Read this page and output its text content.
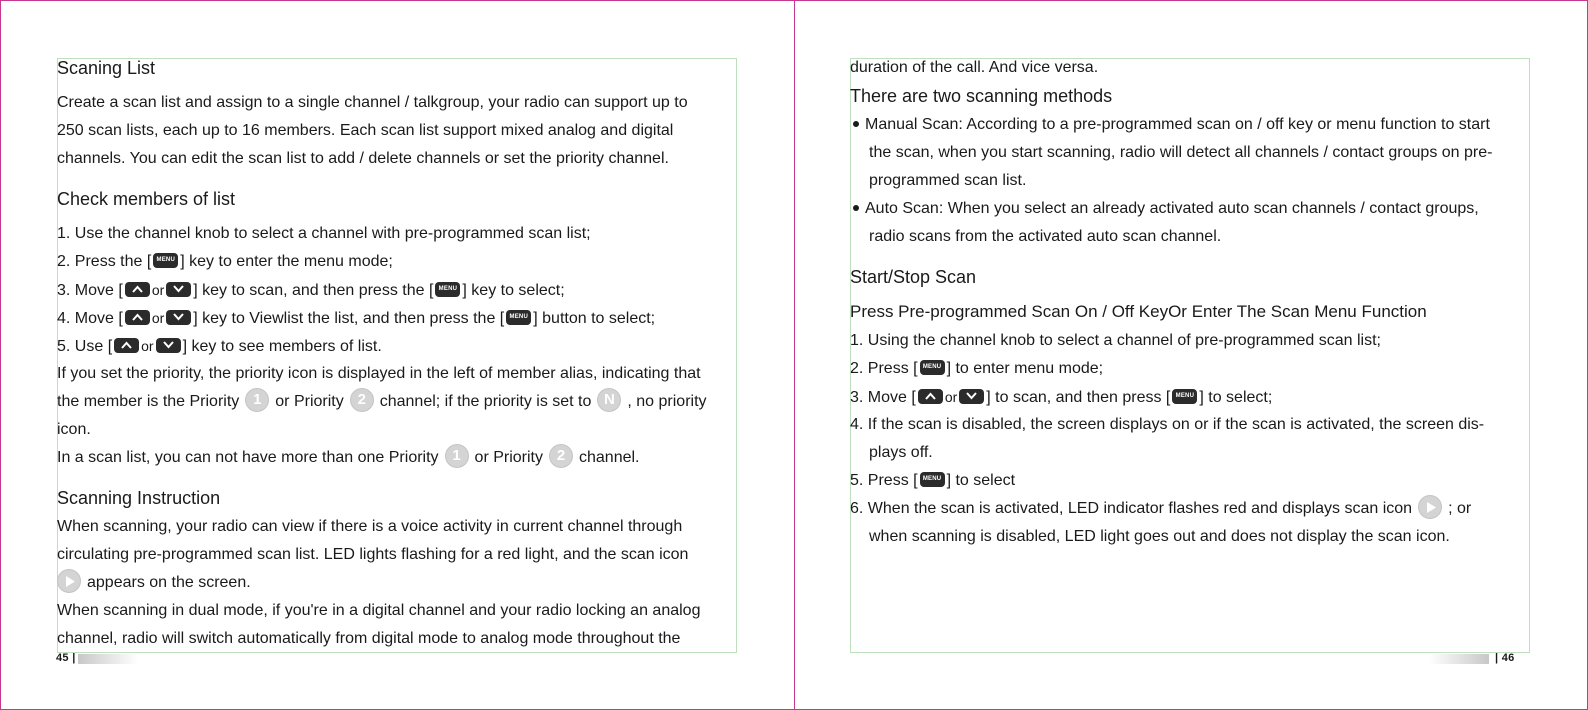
Scaning List
Create a scan list and assign to a single channel / talkgroup, your radio can support up to
250 scan lists, each up to 16 members. Each scan list support mixed analog and digital
channels. You can edit the scan list to add / delete channels or set the priority channel.
Check members of list
1. Use the channel knob to select a channel with pre-programmed scan list;
2. Press the [ MENU ] key to enter the menu mode;
3. Move [ or ] key to scan, and then press the [ MENU ] key to select;
4. Move [ or ] key to Viewlist the list, and then press the [ MENU ] button to select;
5. Use [ or ] key to see members of list.
If you set the priority, the priority icon is displayed in the left of member alias, indicating that
the member is the Priority 1 or Priority 2 channel; if the priority is set to N , no priority
icon.
In a scan list, you can not have more than one Priority 1 or Priority 2 channel.
Scanning Instruction
When scanning, your radio can view if there is a voice activity in current channel through
circulating pre-programmed scan list. LED lights flashing for a red light, and the scan icon
appears on the screen.
When scanning in dual mode, if you're in a digital channel and your radio locking an analog
channel, radio will switch automatically from digital mode to analog mode throughout the
45 |
duration of the call. And vice versa.
There are two scanning methods
Manual Scan: According to a pre-programmed scan on / off key or menu function to start
the scan, when you start scanning, radio will detect all channels / contact groups on pre-
programmed scan list.
Auto Scan: When you select an already activated auto scan channels / contact groups,
radio scans from the activated auto scan channel.
Start/Stop Scan
Press Pre-programmed Scan On / Off KeyOr Enter The Scan Menu Function
1. Using the channel knob to select a channel of pre-programmed scan list;
2. Press [ MENU ] to enter menu mode;
3. Move [ or ] to scan, and then press [ MENU ] to select;
4. If the scan is disabled, the screen displays on or if the scan is activated, the screen dis-
plays off.
5. Press [ MENU ] to select
6. When the scan is activated, LED indicator flashes red and displays scan icon ; or
when scanning is disabled, LED light goes out and does not display the scan icon.
| 46
